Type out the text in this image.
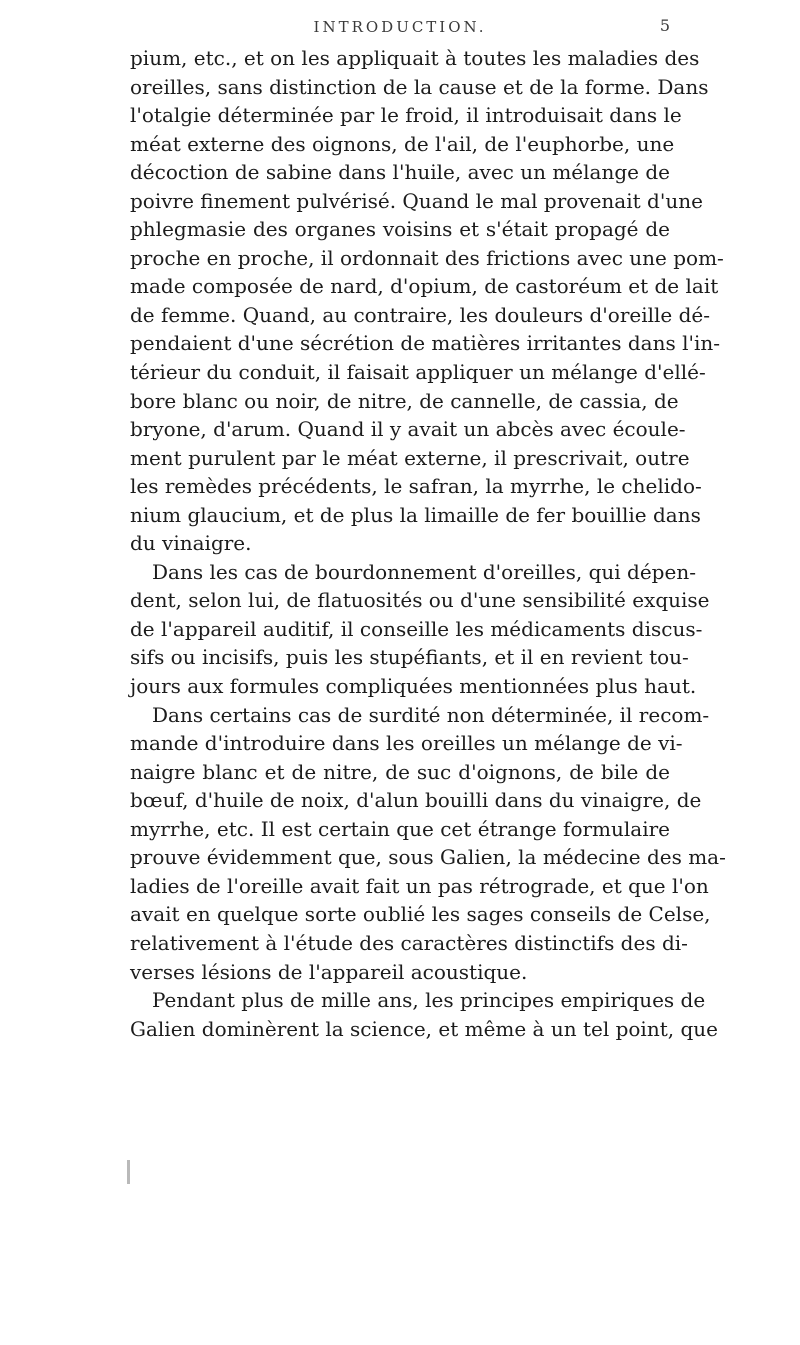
INTRODUCTION.	5
pium, etc., et on les appliquait à toutes les maladies des
oreilles, sans distinction de la cause et de la forme. Dans
l'otalgie déterminée par le froid, il introduisait dans le
méat externe des oignons, de l'ail, de l'euphorbe, une
décoction de sabine dans l'huile, avec un mélange de
poivre finement pulvérisé. Quand le mal provenait d'une
phlegmasie des organes voisins et s'était propagé de
proche en proche, il ordonnait des frictions avec une pom-
made composée de nard, d'opium, de castoréum et de lait
de femme. Quand, au contraire, les douleurs d'oreille dé-
pendaient d'une sécrétion de matières irritantes dans l'in-
térieur du conduit, il faisait appliquer un mélange d'ellé-
bore blanc ou noir, de nitre, de cannelle, de cassia, de
bryone, d'arum. Quand il y avait un abcès avec écoule-
ment purulent par le méat externe, il prescrivait, outre
les remèdes précédents, le safran, la myrrhe, le chelido-
nium glaucium, et de plus la limaille de fer bouillie dans
du vinaigre.
Dans les cas de bourdonnement d'oreilles, qui dépen-
dent, selon lui, de flatuosités ou d'une sensibilité exquise
de l'appareil auditif, il conseille les médicaments discus-
sifs ou incisifs, puis les stupéfiants, et il en revient tou-
jours aux formules compliquées mentionnées plus haut.
Dans certains cas de surdité non déterminée, il recom-
mande d'introduire dans les oreilles un mélange de vi-
naigre blanc et de nitre, de suc d'oignons, de bile de
bœuf, d'huile de noix, d'alun bouilli dans du vinaigre, de
myrrhe, etc. Il est certain que cet étrange formulaire
prouve évidemment que, sous Galien, la médecine des ma-
ladies de l'oreille avait fait un pas rétrograde, et que l'on
avait en quelque sorte oublié les sages conseils de Celse,
relativement à l'étude des caractères distinctifs des di-
verses lésions de l'appareil acoustique.
Pendant plus de mille ans, les principes empiriques de
Galien dominèrent la science, et même à un tel point, que
